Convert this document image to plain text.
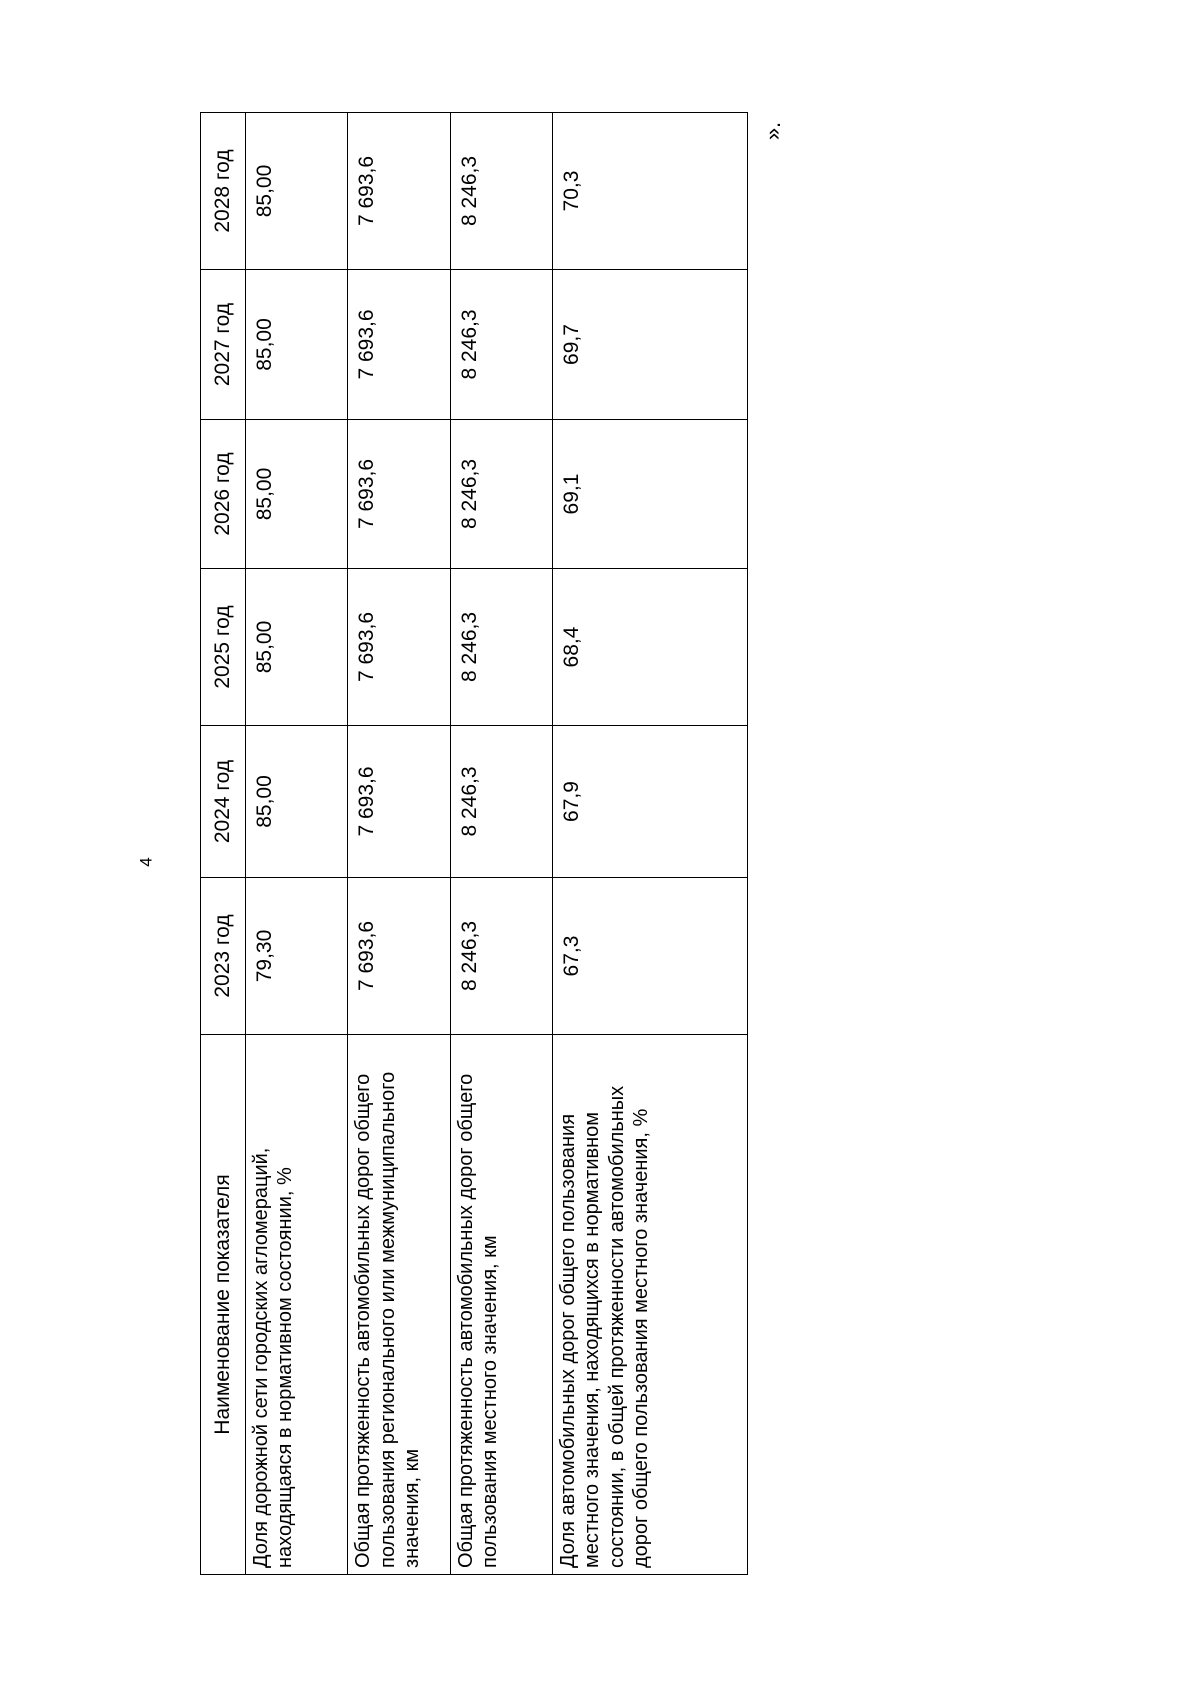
4
Наименование показателя	2023 год	2024 год	2025 год	2026 год	2027 год	2028 год
Доля дорожной сети городских агломераций, находящаяся в нормативном состоянии, %	79,30	85,00	85,00	85,00	85,00	85,00
Общая протяженность автомобильных дорог общего пользования регионального или межмуниципального значения, км	7 693,6	7 693,6	7 693,6	7 693,6	7 693,6	7 693,6
Общая протяженность автомобильных дорог общего пользования местного значения, км	8 246,3	8 246,3	8 246,3	8 246,3	8 246,3	8 246,3
Доля автомобильных дорог общего пользования местного значения, находящихся в нормативном состоянии, в общей протяженности автомобильных дорог общего пользования местного значения, %	67,3	67,9	68,4	69,1	69,7	70,3
».
